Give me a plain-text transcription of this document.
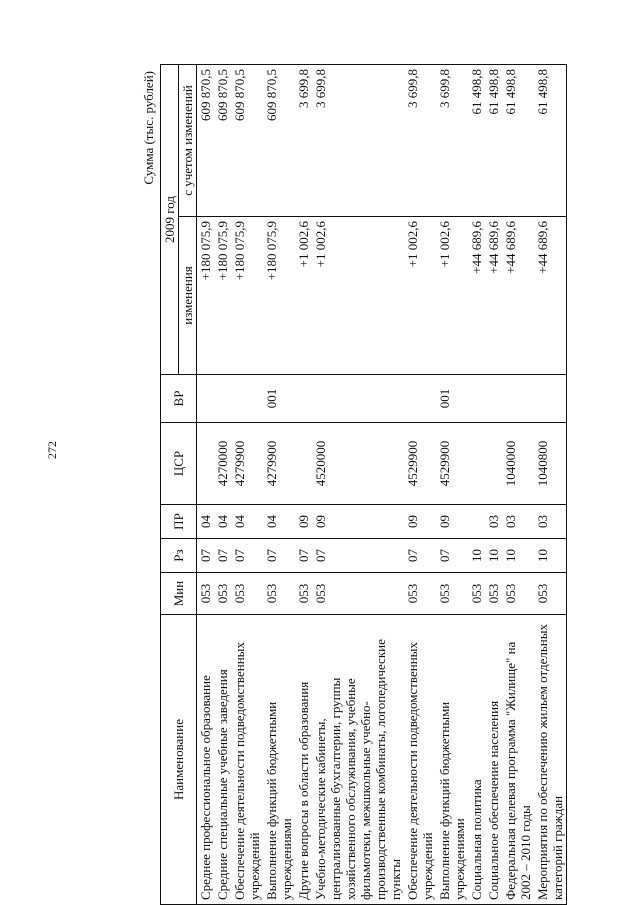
272
Сумма (тыс. рублей)
Наименование	Мин	Рз	ПР	ЦСР	ВР	2009 год	
						изменения	с учетом изменений
Среднее профессиональное образование	053	07	04			+180 075,9	609 870,5
Средние специальные учебные заведения	053	07	04	4270000		+180 075,9	609 870,5
Обеспечение деятельности подведомственных учреждений	053	07	04	4279900		+180 075,9	609 870,5
Выполнение функций бюджетными учреждениями	053	07	04	4279900	001	+180 075,9	609 870,5
Другие вопросы в области образования	053	07	09			+1 002,6	3 699,8
Учебно-методические кабинеты, централизованные бухгалтерии, группы хозяйственного обслуживания, учебные фильмотеки, межшкольные учебно-производственные комбинаты, логопедические пункты	053	07	09	4520000		+1 002,6	3 699,8
Обеспечение деятельности подведомственных учреждений	053	07	09	4529900		+1 002,6	3 699,8
Выполнение функций бюджетными учреждениями	053	07	09	4529900	001	+1 002,6	3 699,8
Социальная политика	053	10				+44 689,6	61 498,8
Социальное обеспечение населения	053	10	03			+44 689,6	61 498,8
Федеральная целевая программа "Жилище" на 2002 – 2010 годы	053	10	03	1040000		+44 689,6	61 498,8
Мероприятия по обеспечению жильем отдельных категорий граждан	053	10	03	1040800		+44 689,6	61 498,8
